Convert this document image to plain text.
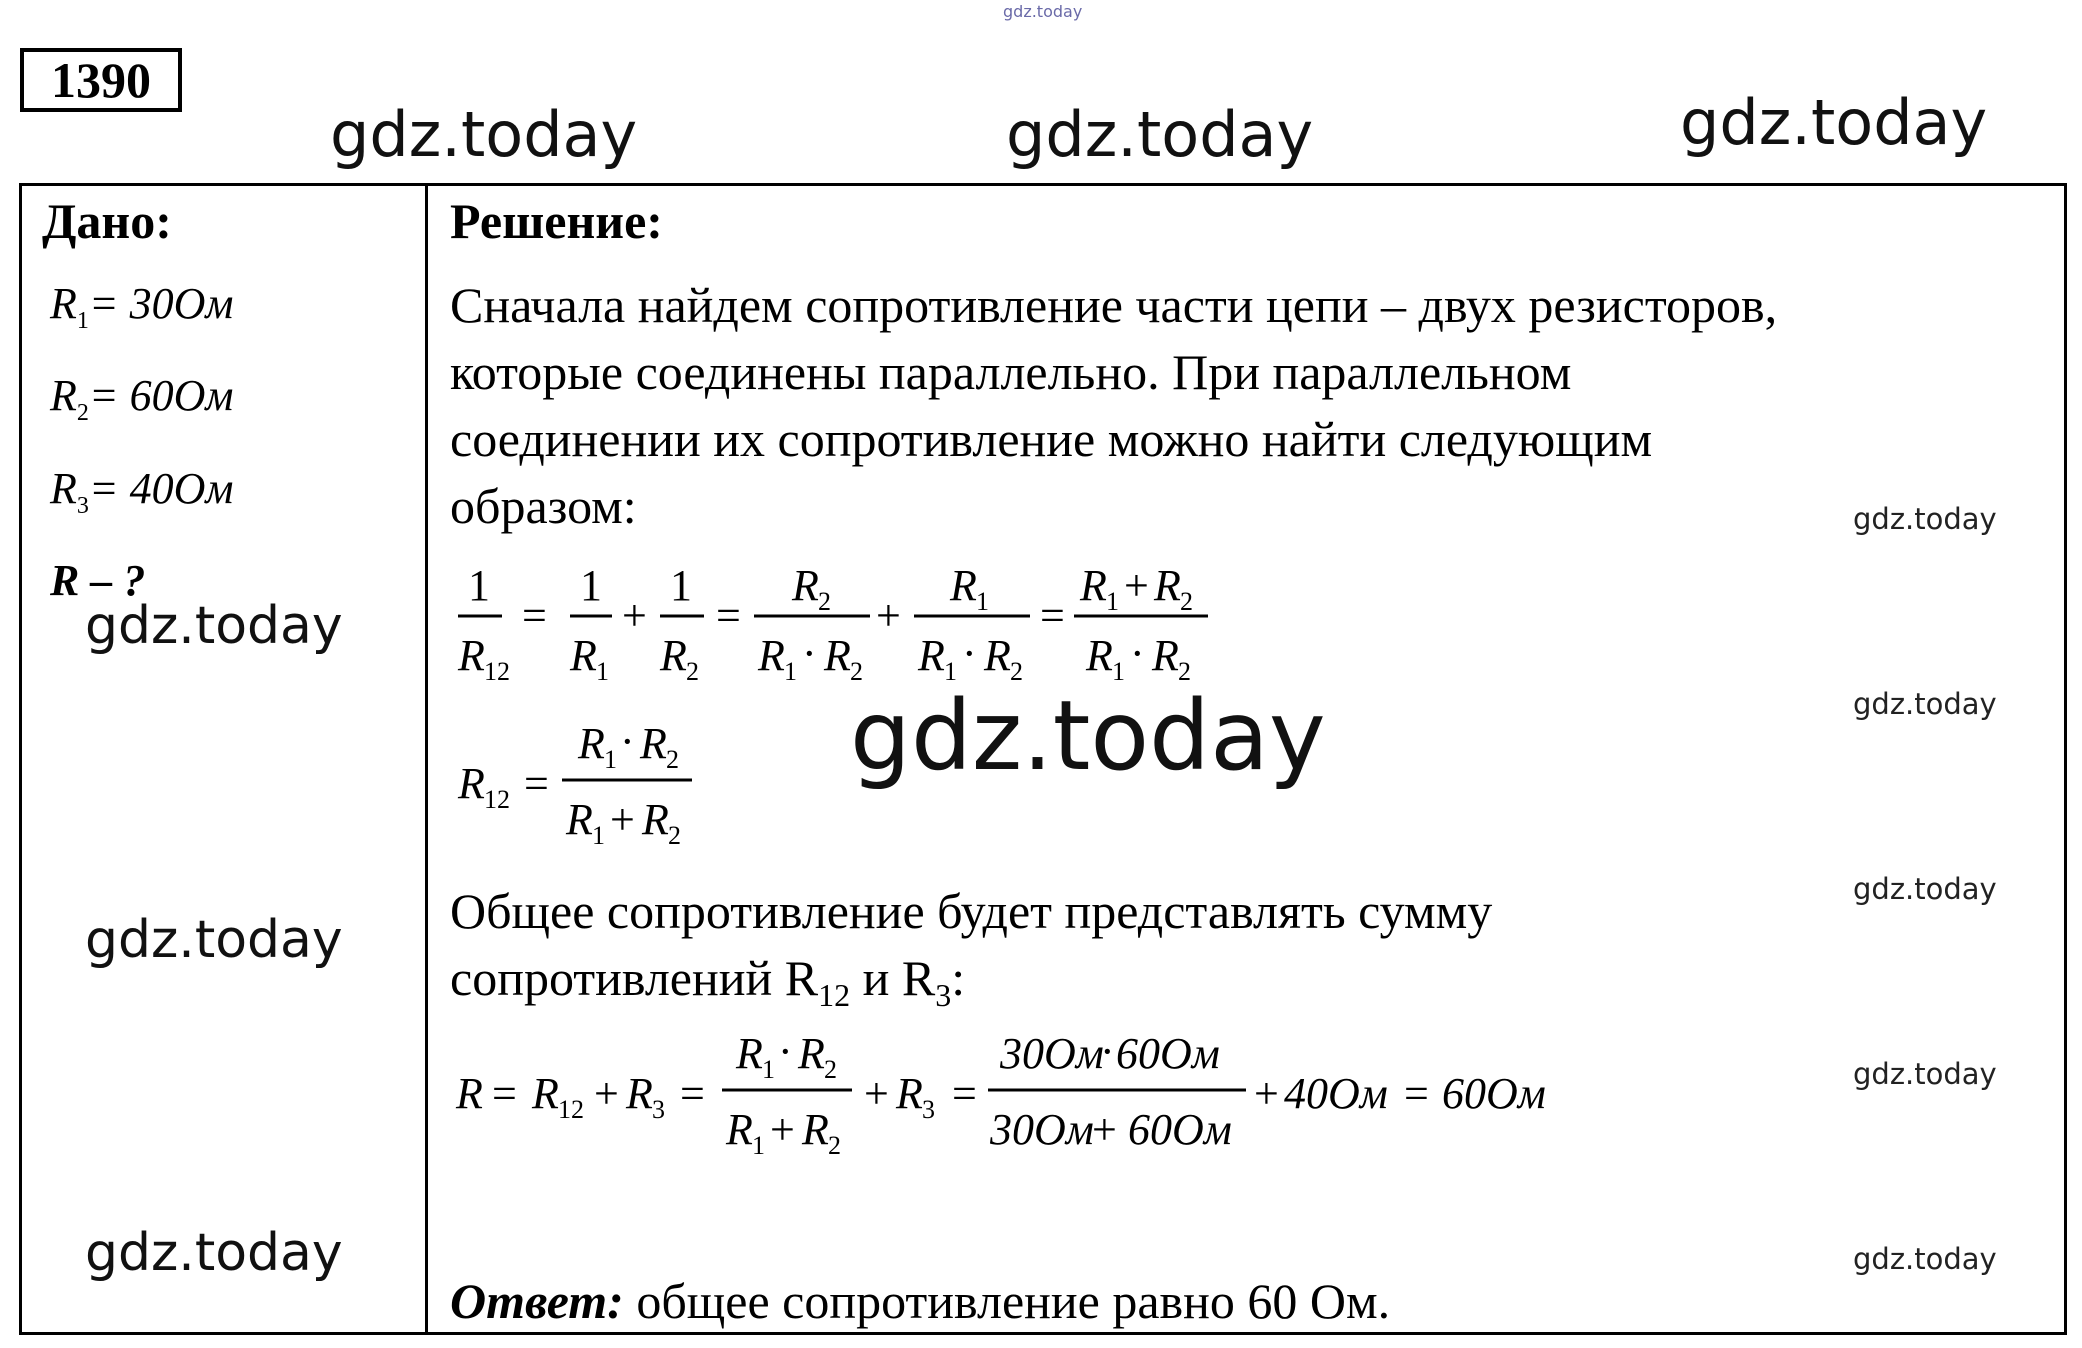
gdz.today
gdz.today	gdz.today	gdz.today
1390
Дано:
$R_1= 30Ом$
$R_2= 60Ом$
$R_3= 40Ом$
R – ?
gdz.today
gdz.today
gdz.today
Решение:
Сначала найдем сопротивление части цепи – двух резисторов,
которые соединены параллельно. При параллельном
соединении их сопротивление можно найти следующим
образом:
1
R 12
=
1
R 1
+
1
R 2
=
R 2
R 1 · R 2
+
R 1
R 1 · R 2
=
R 1 + R 2
R 1 · R 2
R 12 =
R 1 · R 2
R 1 + R 2
gdz.today
Общее сопротивление будет представлять сумму
сопротивлений $R_{12}$ и $R_3$:
R = R 12 + R 3 =
R 1 · R 2
R 1 + R 2
+ R 3 =
30Ом
· 60Ом
30Ом
+ 60Ом
+ 40Ом = 60Ом
gdz.today
gdz.today
gdz.today
gdz.today
gdz.today
Ответ: общее сопротивление равно 60 Ом.
